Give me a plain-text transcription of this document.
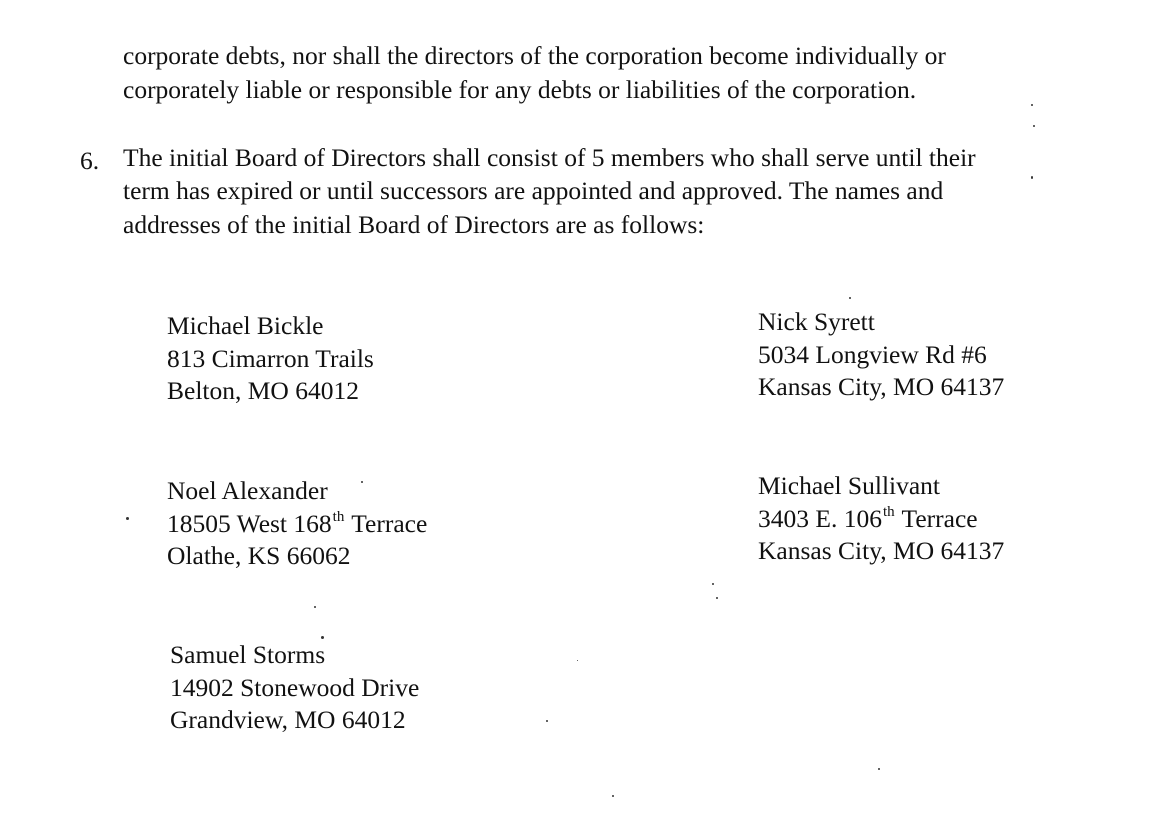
corporate debts, nor shall the directors of the corporation become individually or
corporately liable or responsible for any debts or liabilities of the corporation.
6. The initial Board of Directors shall consist of 5 members who shall serve until their
term has expired or until successors are appointed and approved. The names and
addresses of the initial Board of Directors are as follows:
Michael Bickle
813 Cimarron Trails
Belton, MO 64012
Nick Syrett
5034 Longview Rd #6
Kansas City, MO 64137
Noel Alexander
18505 West 168th Terrace
Olathe, KS 66062
Michael Sullivant
3403 E. 106th Terrace
Kansas City, MO 64137
Samuel Storms
14902 Stonewood Drive
Grandview, MO 64012
